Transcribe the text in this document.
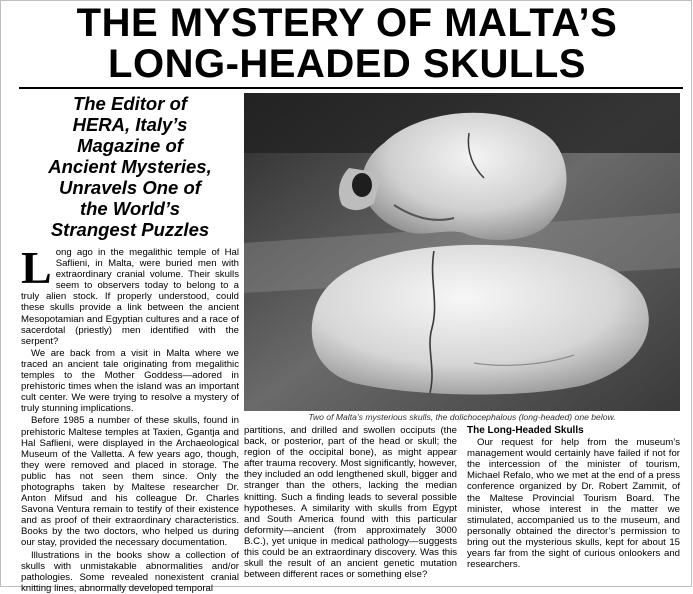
THE MYSTERY OF MALTA’S
LONG-HEADED SKULLS
The Editor of
HERA, Italy’s
Magazine of
Ancient Mysteries,
Unravels One of
the World’s
Strangest Puzzles

Long ago in the megalithic temple of Hal Saflieni, in Malta, were buried men with extraordinary cranial volume. Their skulls seem to observers today to belong to a truly alien stock. If properly understood, could these skulls provide a link between the ancient Mesopotamian and Egyptian cultures and a race of sacerdotal (priestly) men identified with the serpent?

We are back from a visit in Malta where we traced an ancient tale originating from megalithic temples to the Mother Goddess—adored in prehistoric times when the island was an important cult center. We were trying to resolve a mystery of truly stunning implications.

Before 1985 a number of these skulls, found in prehistoric Maltese temples at Taxien, Ggantja and Hal Saflieni, were displayed in the Archaeological Museum of the Valletta. A few years ago, though, they were removed and placed in storage. The public has not seen them since. Only the photographs taken by Maltese researcher Dr. Anton Mifsud and his colleague Dr. Charles Savona Ventura remain to testify of their existence and as proof of their extraordinary characteristics. Books by the two doctors, who helped us during our stay, provided the necessary documentation.

Illustrations in the books show a collection of skulls with unmistakable abnormalities and/or pathologies. Some revealed nonexistent cranial knitting lines, abnormally developed temporal

Two of Malta’s mysterious skulls, the dolichocephalous (long-headed) one below.

partitions, and drilled and swollen occiputs (the back, or posterior, part of the head or skull; the region of the occipital bone), as might appear after trauma recovery. Most significantly, however, they included an odd lengthened skull, bigger and stranger than the others, lacking the median knitting. Such a finding leads to several possible hypotheses. A similarity with skulls from Egypt and South America found with this particular deformity—ancient (from approximately 3000 B.C.), yet unique in medical pathology—suggests this could be an extraordinary discovery. Was this skull the result of an ancient genetic mutation between different races or something else?

The Long-Headed Skulls

Our request for help from the museum’s management would certainly have failed if not for the intercession of the minister of tourism, Michael Refalo, who we met at the end of a press conference organized by Dr. Robert Zammit, of the Maltese Provincial Tourism Board. The minister, whose interest in the matter we stimulated, accompanied us to the museum, and personally obtained the director’s permission to bring out the mysterious skulls, kept for about 15 years far from the sight of curious onlookers and researchers.
